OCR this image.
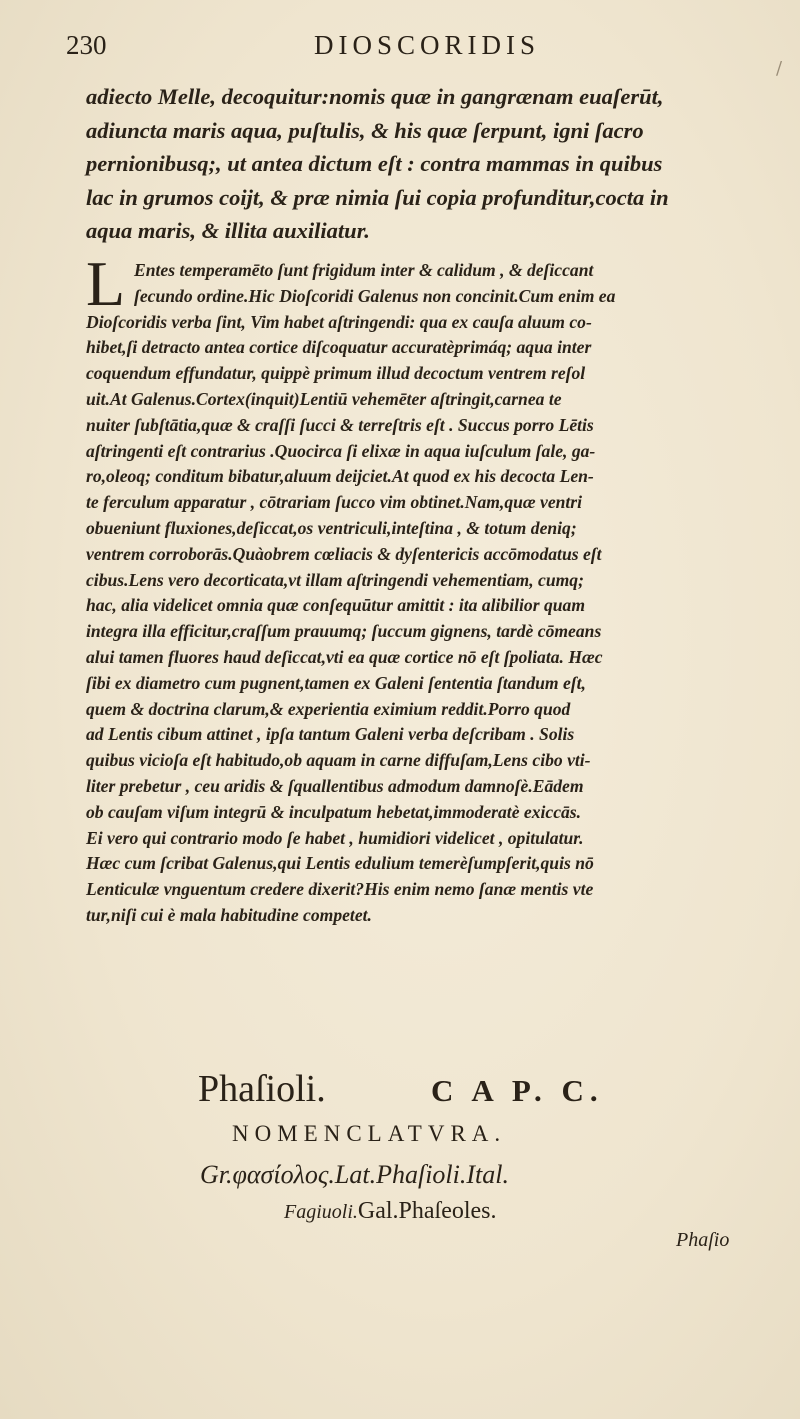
230	DIOSCORIDIS
/
adiecto Melle, decoquitur:nomis quæ in gangrænam euaſerūt,
adiuncta maris aqua, puſtulis, & his quæ ſerpunt, igni ſacro
pernionibusq;, ut antea dictum eſt : contra mammas in quibus
lac in grumos coijt, & præ nimia ſui copia profunditur,cocta in
aqua maris, & illita auxiliatur.
L Entes temperamēto ſunt frigidum inter & calidum , & deſiccant
ſecundo ordine.Hic Dioſcoridi Galenus non concinit.Cum enim ea
Dioſcoridis verba ſint, Vim habet aſtringendi: qua ex cauſa aluum co-
hibet,ſi detracto antea cortice diſcoquatur accuratèprimáq; aqua inter
coquendum effundatur, quippè primum illud decoctum ventrem reſol
uit.At Galenus.Cortex(inquit)Lentiū vehemēter aſtringit,carnea te
nuiter ſubſtātia,quæ & craſſi ſucci & terreſtris eſt . Succus porro Lētis
aſtringenti eſt contrarius .Quocirca ſi elixæ in aqua iuſculum ſale, ga-
ro,oleoq; conditum bibatur,aluum deijciet.At quod ex his decocta Len-
te ferculum apparatur , cōtrariam ſucco vim obtinet.Nam,quæ ventri
obueniunt fluxiones,deſiccat,os ventriculi,inteſtina , & totum deniq;
ventrem corroborās.Quàobrem cœliacis & dyſentericis accōmodatus eſt
cibus.Lens vero decorticata,vt illam aſtringendi vehementiam, cumq;
hac, alia videlicet omnia quæ conſequūtur amittit : ita alibilior quam
integra illa efficitur,craſſum prauumq; ſuccum gignens, tardè cōmeans
alui tamen fluores haud deſiccat,vti ea quæ cortice nō eſt ſpoliata. Hæc
ſibi ex diametro cum pugnent,tamen ex Galeni ſententia ſtandum eſt,
quem & doctrina clarum,& experientia eximium reddit.Porro quod
ad Lentis cibum attinet , ipſa tantum Galeni verba deſcribam . Solis
quibus vicioſa eſt habitudo,ob aquam in carne diffuſam,Lens cibo vti-
liter prebetur , ceu aridis & ſquallentibus admodum damnoſè.Eādem
ob cauſam viſum integrū & inculpatum hebetat,immoderatè exiccās.
Ei vero qui contrario modo ſe habet , humidiori videlicet , opitulatur.
Hæc cum ſcribat Galenus,qui Lentis edulium temerèſumpſerit,quis nō
Lenticulæ vnguentum credere dixerit?His enim nemo ſanæ mentis vte
tur,niſi cui è mala habitudine competet.
Phaſioli.	C A P. C.
NOMENCLATVRA.
Gr.φασίολος.Lat.Phaſioli.Ital.
Fagiuoli.Gal.Phaſeoles.
Phaſio
